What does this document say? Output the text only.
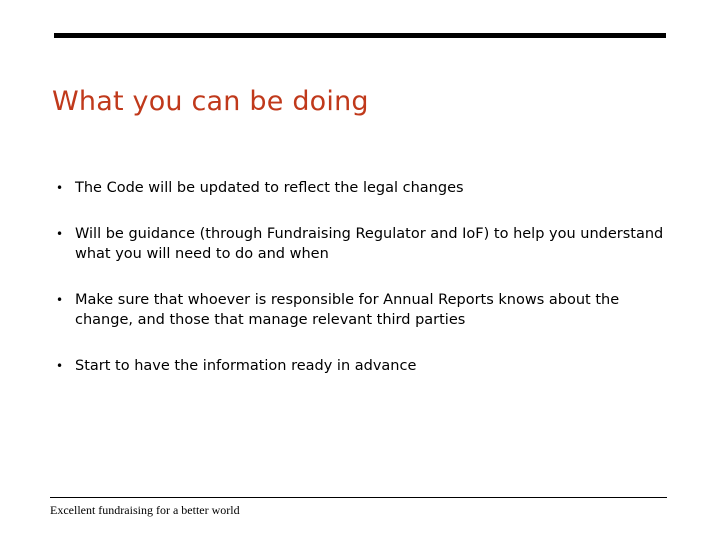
What you can be doing
• The Code will be updated to reflect the legal changes
• Will be guidance (through Fundraising Regulator and IoF) to help you understand what you will need to do and when
• Make sure that whoever is responsible for Annual Reports knows about the change, and those that manage relevant third parties
• Start to have the information ready in advance
Excellent fundraising for a better world
